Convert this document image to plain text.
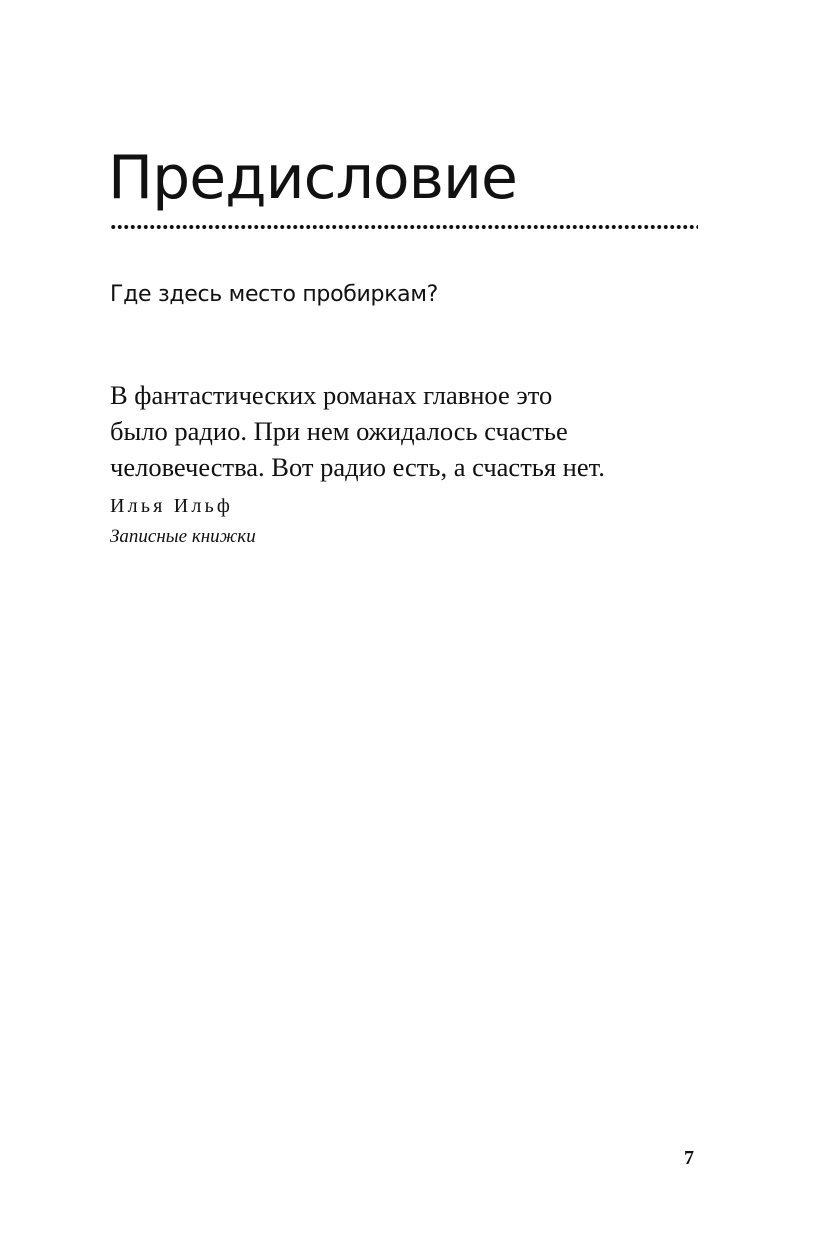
Предисловие
Где здесь место пробиркам?

В фантастических романах главное это
было радио. При нем ожидалось счастье
человечества. Вот радио есть, а счастья нет.

Илья Ильф

Записные книжки

7
